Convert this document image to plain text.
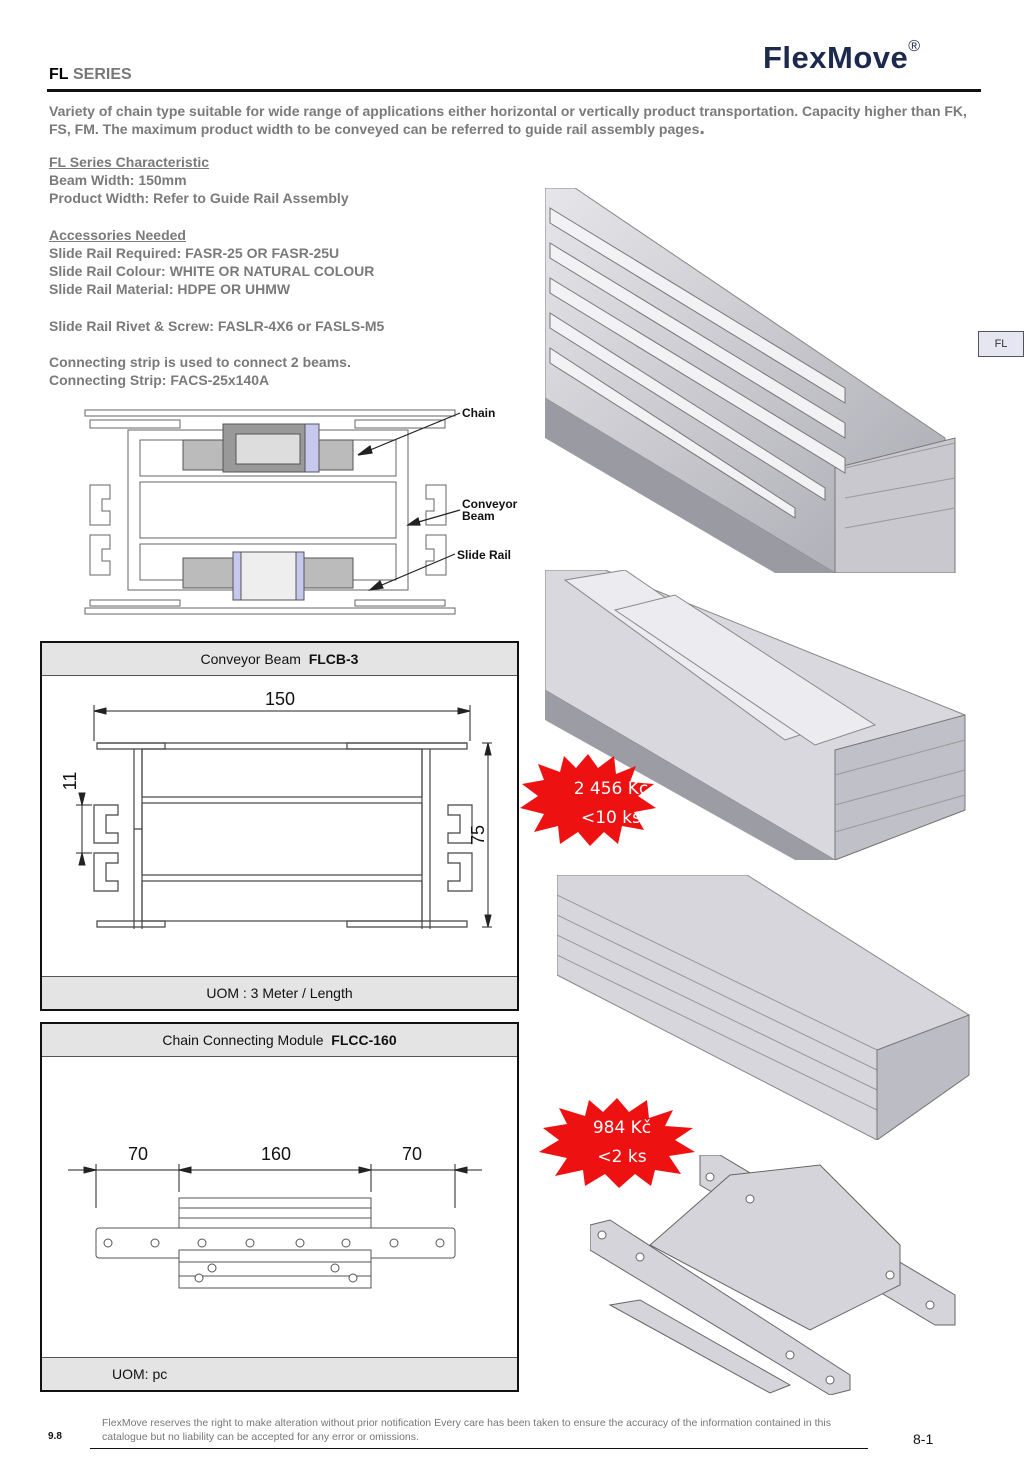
FL SERIES	FlexMove®
Variety of chain type suitable for wide range of applications either horizontal or vertically product transportation. Capacity higher than FK, FS, FM. The maximum product width to be conveyed can be referred to guide rail assembly pages.
FL Series Characteristic
Beam Width: 150mm
Product Width: Refer to Guide Rail Assembly
Accessories Needed
Slide Rail Required: FASR-25 OR FASR-25U
Slide Rail Colour: WHITE OR NATURAL COLOUR
Slide Rail Material: HDPE OR UHMW
Slide Rail Rivet & Screw: FASLR-4X6 or FASLS-M5
Connecting strip is used to connect 2 beams.
Connecting Strip: FACS-25x140A
FL
Chain
Conveyor
Beam
Slide Rail
Conveyor Beam FLCB-3
150
11
75
UOM : 3 Meter / Length
Chain Connecting Module FLCC-160
70	160	70
UOM: pc
2 456 Kč
<10 ks
984 Kč
<2 ks
FlexMove reserves the right to make alteration without prior notification Every care has been taken to ensure the accuracy of the information contained in this catalogue but no liability can be accepted for any error or omissions.
9.8	8-1
